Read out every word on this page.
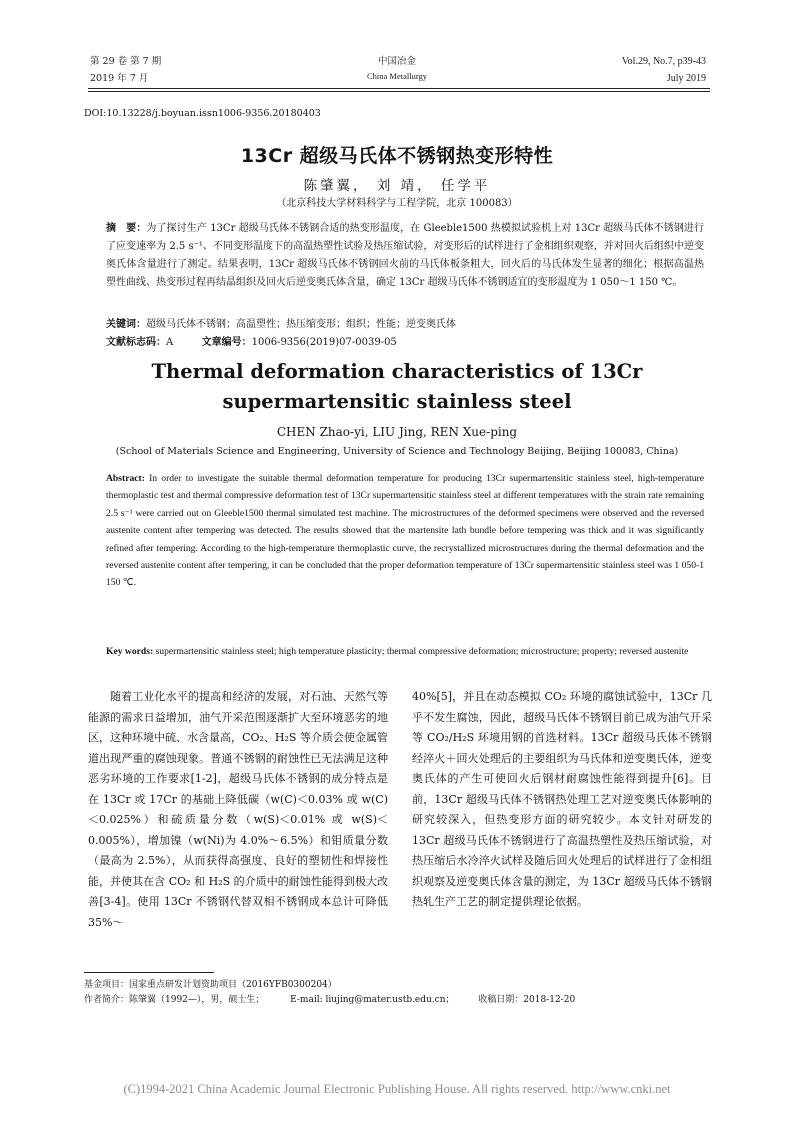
第 29 卷 第 7 期
2019 年 7 月
中国冶金
China Metallurgy
Vol.29, No.7, p39-43
July 2019
DOI:10.13228/j.boyuan.issn1006-9356.20180403
13Cr 超级马氏体不锈钢热变形特性
陈肇翼， 刘 靖， 任学平
（北京科技大学材料科学与工程学院，北京 100083）
摘　要：为了探讨生产 13Cr 超级马氏体不锈钢合适的热变形温度，在 Gleeble1500 热模拟试验机上对 13Cr 超级马氏体不锈钢进行了应变速率为 2.5 s⁻¹、不同变形温度下的高温热塑性试验及热压缩试验，对变形后的试样进行了金相组织观察，并对回火后组织中逆变奥氏体含量进行了测定。结果表明，13Cr 超级马氏体不锈钢回火前的马氏体板条粗大，回火后的马氏体发生显著的细化；根据高温热塑性曲线、热变形过程再结晶组织及回火后逆变奥氏体含量，确定 13Cr 超级马氏体不锈钢适宜的变形温度为 1 050～1 150 ℃。
关键词：超级马氏体不锈钢；高温塑性；热压缩变形；组织；性能；逆变奥氏体
文献标志码：A	文章编号：1006-9356(2019)07-0039-05
Thermal deformation characteristics of 13Cr
supermartensitic stainless steel
CHEN Zhao-yi, LIU Jing, REN Xue-ping
(School of Materials Science and Engineering, University of Science and Technology Beijing, Beijing 100083, China)
Abstract: In order to investigate the suitable thermal deformation temperature for producing 13Cr supermartensitic stainless steel, high-temperature thermoplastic test and thermal compressive deformation test of 13Cr supermartensitic stainless steel at different temperatures with the strain rate remaining 2.5 s⁻¹ were carried out on Gleeble1500 thermal simulated test machine. The microstructures of the deformed specimens were observed and the reversed austenite content after tempering was detected. The results showed that the martensite lath bundle before tempering was thick and it was significantly refined after tempering. According to the high-temperature thermoplastic curve, the recrystallized microstructures during the thermal deformation and the reversed austenite content after tempering, it can be concluded that the proper deformation temperature of 13Cr supermartensitic stainless steel was 1 050-1 150 ℃.
Key words: supermartensitic stainless steel; high temperature plasticity; thermal compressive deformation; microstructure; property; reversed austenite

随着工业化水平的提高和经济的发展，对石油、天然气等能源的需求日益增加，油气开采范围逐渐扩大至环境恶劣的地区，这种环境中硫、水含量高，CO₂、H₂S 等介质会使金属管道出现严重的腐蚀现象。普通不锈钢的耐蚀性已无法满足这种恶劣环境的工作要求[1-2]，超级马氏体不锈钢的成分特点是在 13Cr 或 17Cr 的基础上降低碳（w(C)＜0.03% 或 w(C)＜0.025%）和硫质量分数（w(S)＜0.01% 或 w(S)＜0.005%），增加镍（w(Ni)为 4.0%～6.5%）和钼质量分数（最高为 2.5%），从而获得高强度、良好的塑韧性和焊接性能，并使其在含 CO₂ 和 H₂S 的介质中的耐蚀性能得到极大改善[3-4]。使用 13Cr 不锈钢代替双相不锈钢成本总计可降低 35%～

40%[5]，并且在动态模拟 CO₂ 环境的腐蚀试验中，13Cr 几乎不发生腐蚀，因此，超级马氏体不锈钢目前已成为油气开采等 CO₂/H₂S 环境用钢的首选材料。13Cr 超级马氏体不锈钢经淬火＋回火处理后的主要组织为马氏体和逆变奥氏体，逆变奥氏体的产生可使回火后钢材耐腐蚀性能得到提升[6]。目前，13Cr 超级马氏体不锈钢热处理工艺对逆变奥氏体影响的研究较深入，但热变形方面的研究较少。本文针对研发的 13Cr 超级马氏体不锈钢进行了高温热塑性及热压缩试验，对热压缩后水冷淬火试样及随后回火处理后的试样进行了金相组织观察及逆变奥氏体含量的测定，为 13Cr 超级马氏体不锈钢热轧生产工艺的制定提供理论依据。

基金项目：国家重点研发计划资助项目（2016YFB0300204）
作者简介：陈肇翼（1992—），男，硕士生；	E-mail: liujing@mater.ustb.edu.cn；	收稿日期：2018-12-20
(C)1994-2021 China Academic Journal Electronic Publishing House. All rights reserved. http://www.cnki.net
